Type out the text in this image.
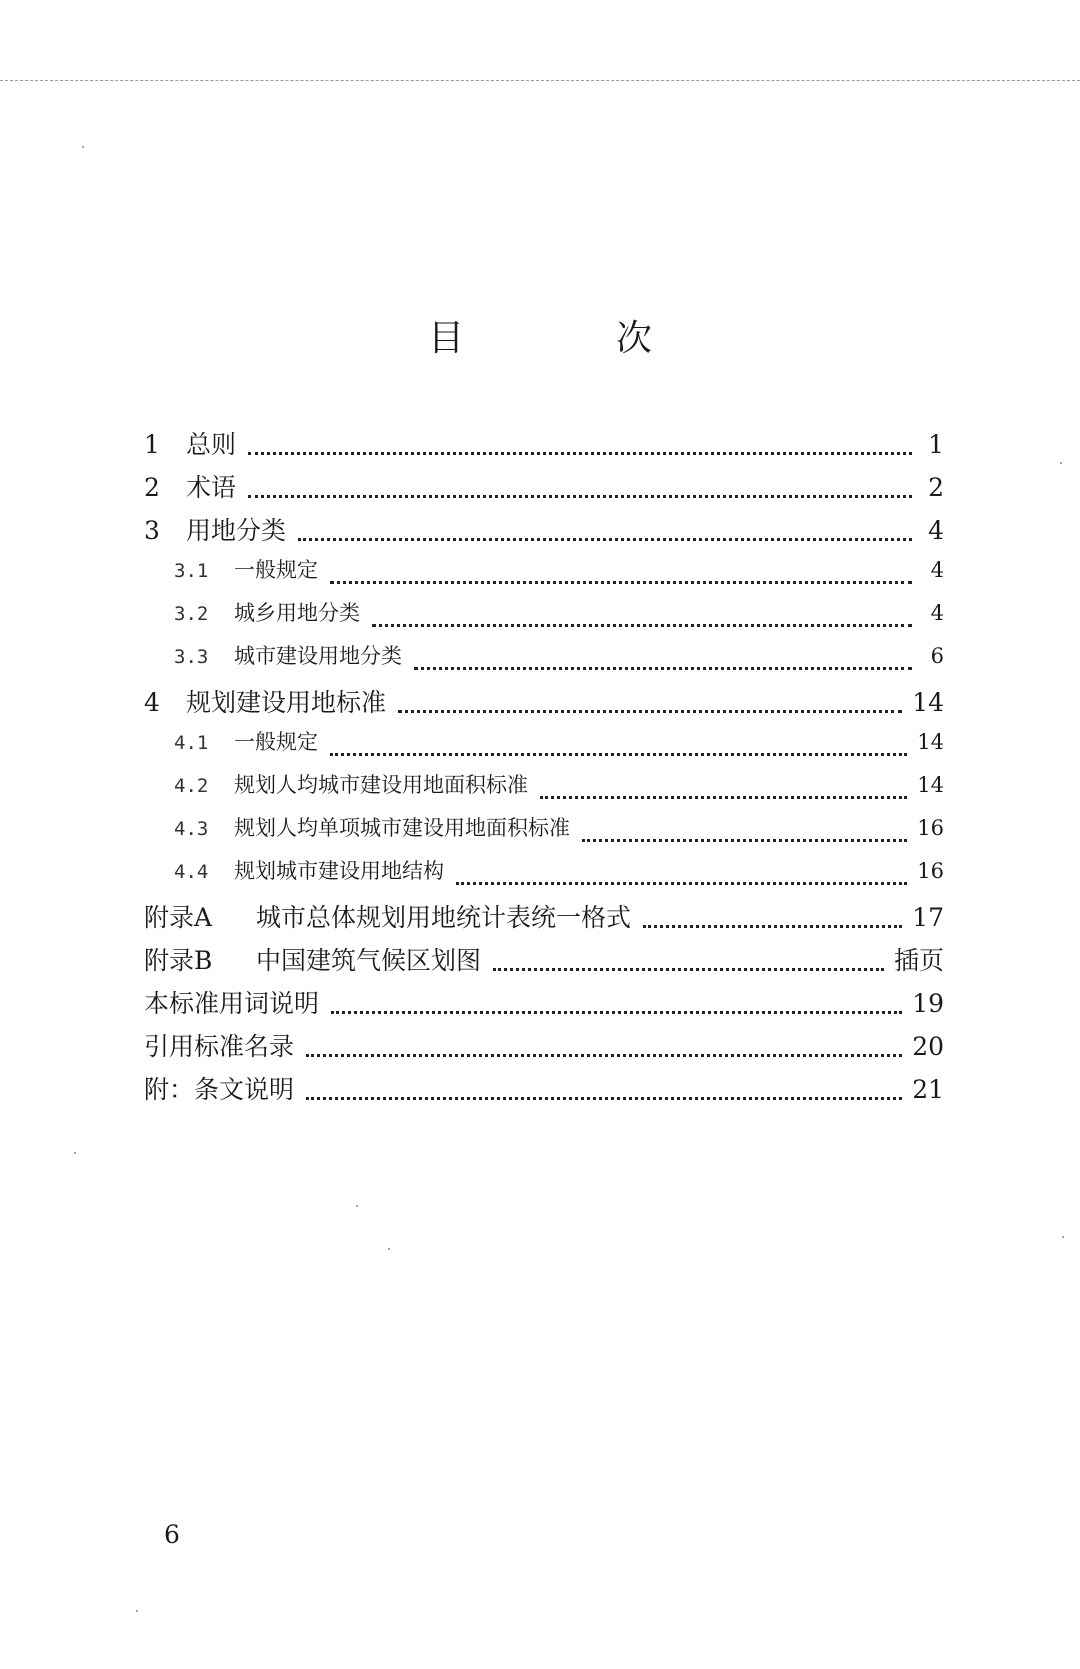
目　次
1	总则	1
2	术语	2
3	用地分类	4
3.1	一般规定	4
3.2	城乡用地分类	4
3.3	城市建设用地分类	6
4	规划建设用地标准	14
4.1	一般规定	14
4.2	规划人均城市建设用地面积标准	14
4.3	规划人均单项城市建设用地面积标准	16
4.4	规划城市建设用地结构	16
附录A	城市总体规划用地统计表统一格式	17
附录B	中国建筑气候区划图	插页
本标准用词说明	19
引用标准名录	20
附：条文说明	21
6
